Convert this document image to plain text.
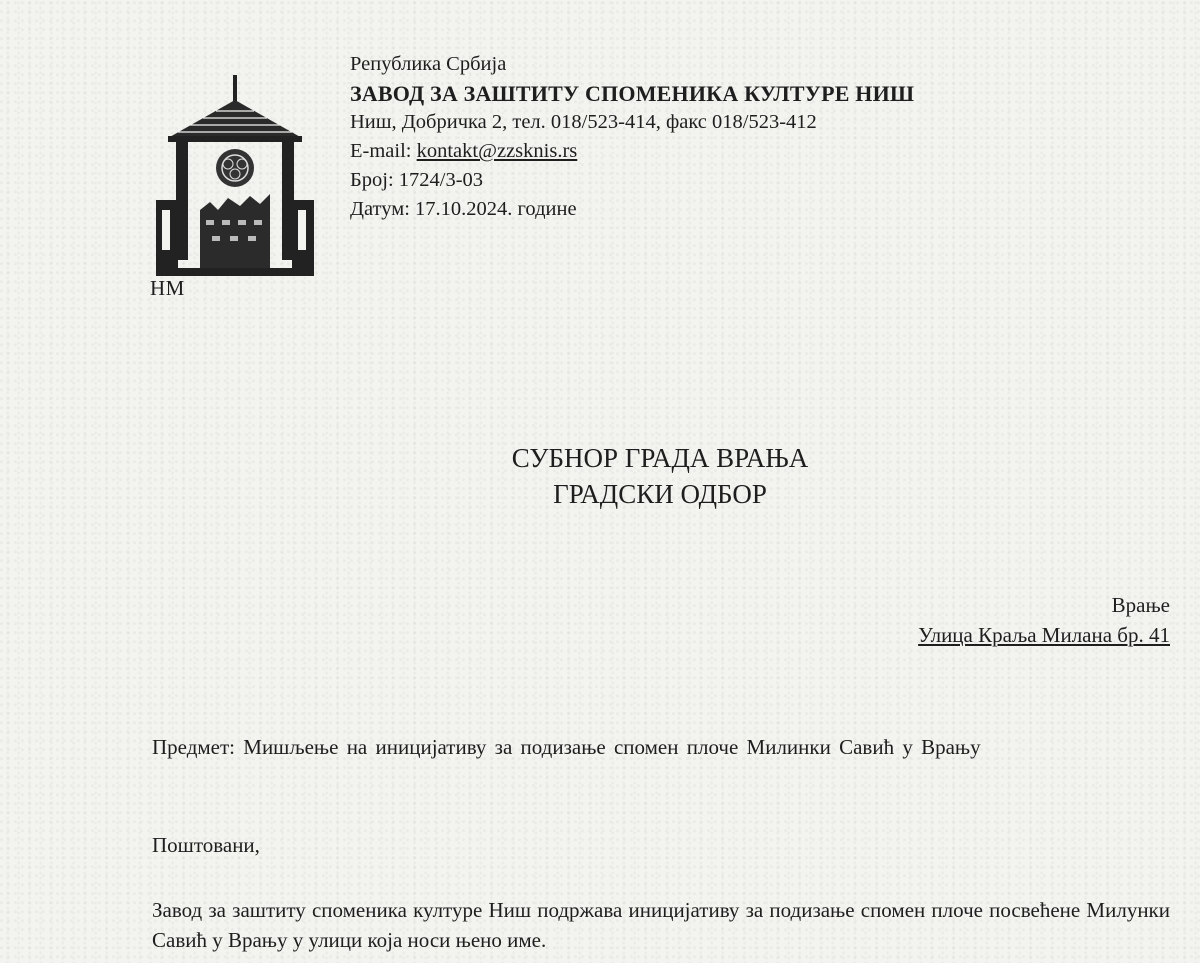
НМ
Република Србија
ЗАВОД ЗА ЗАШТИТУ СПОМЕНИКА КУЛТУРЕ НИШ
Ниш, Добричка 2, тел. 018/523-414, факс 018/523-412
E-mail: kontakt@zzsknis.rs
Број: 1724/3-03
Датум: 17.10.2024. године
СУБНОР ГРАДА ВРАЊА
ГРАДСКИ ОДБОР
Врање
Улица Краља Милана бр. 41
Предмет: Мишљење на иницијативу за подизање спомен плоче Милинки Савић у Врању
Поштовани,
Завод за заштиту споменика културе Ниш подржава иницијативу за подизање спомен плоче посвећене Милунки Савић у Врању у улици која носи њено име.
